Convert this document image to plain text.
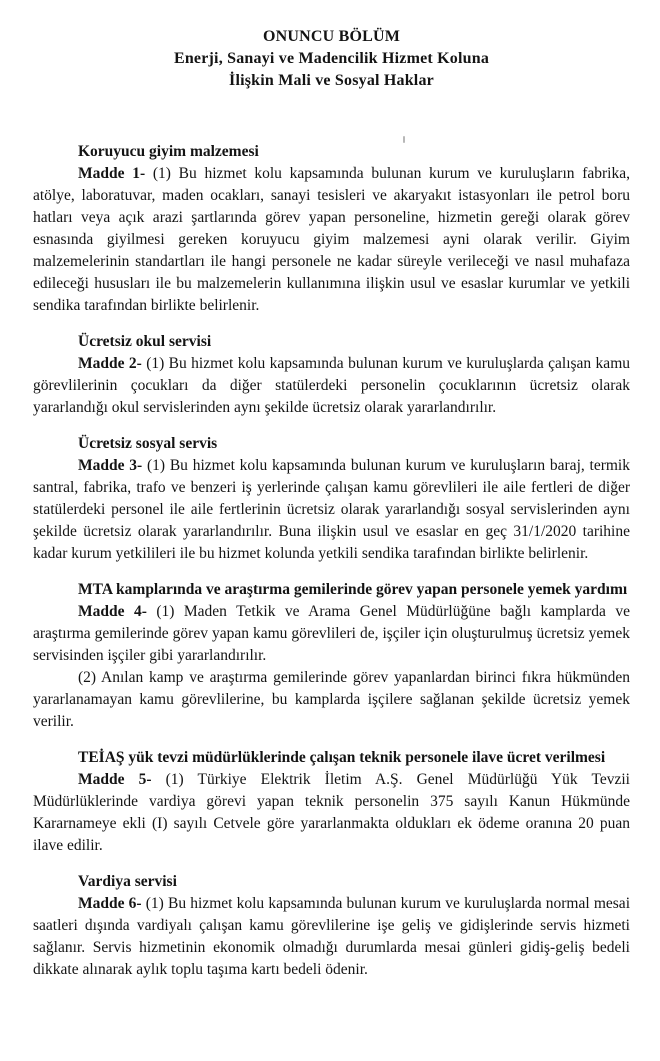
ONUNCU BÖLÜM
Enerji, Sanayi ve Madencilik Hizmet Koluna
İlişkin Mali ve Sosyal Haklar
Koruyucu giyim malzemesi

Madde 1- (1) Bu hizmet kolu kapsamında bulunan kurum ve kuruluşların fabrika, atölye, laboratuvar, maden ocakları, sanayi tesisleri ve akaryakıt istasyonları ile petrol boru hatları veya açık arazi şartlarında görev yapan personeline, hizmetin gereği olarak görev esnasında giyilmesi gereken koruyucu giyim malzemesi ayni olarak verilir. Giyim malzemelerinin standartları ile hangi personele ne kadar süreyle verileceği ve nasıl muhafaza edileceği hususları ile bu malzemelerin kullanımına ilişkin usul ve esaslar kurumlar ve yetkili sendika tarafından birlikte belirlenir.

Ücretsiz okul servisi

Madde 2- (1) Bu hizmet kolu kapsamında bulunan kurum ve kuruluşlarda çalışan kamu görevlilerinin çocukları da diğer statülerdeki personelin çocuklarının ücretsiz olarak yararlandığı okul servislerinden aynı şekilde ücretsiz olarak yararlandırılır.

Ücretsiz sosyal servis

Madde 3- (1) Bu hizmet kolu kapsamında bulunan kurum ve kuruluşların baraj, termik santral, fabrika, trafo ve benzeri iş yerlerinde çalışan kamu görevlileri ile aile fertleri de diğer statülerdeki personel ile aile fertlerinin ücretsiz olarak yararlandığı sosyal servislerinden aynı şekilde ücretsiz olarak yararlandırılır. Buna ilişkin usul ve esaslar en geç 31/1/2020 tarihine kadar kurum yetkilileri ile bu hizmet kolunda yetkili sendika tarafından birlikte belirlenir.

MTA kamplarında ve araştırma gemilerinde görev yapan personele yemek yardımı

Madde 4- (1) Maden Tetkik ve Arama Genel Müdürlüğüne bağlı kamplarda ve araştırma gemilerinde görev yapan kamu görevlileri de, işçiler için oluşturulmuş ücretsiz yemek servisinden işçiler gibi yararlandırılır.

(2) Anılan kamp ve araştırma gemilerinde görev yapanlardan birinci fıkra hükmünden yararlanamayan kamu görevlilerine, bu kamplarda işçilere sağlanan şekilde ücretsiz yemek verilir.

TEİAŞ yük tevzi müdürlüklerinde çalışan teknik personele ilave ücret verilmesi

Madde 5- (1) Türkiye Elektrik İletim A.Ş. Genel Müdürlüğü Yük Tevzii Müdürlüklerinde vardiya görevi yapan teknik personelin 375 sayılı Kanun Hükmünde Kararnameye ekli (I) sayılı Cetvele göre yararlanmakta oldukları ek ödeme oranına 20 puan ilave edilir.

Vardiya servisi

Madde 6- (1) Bu hizmet kolu kapsamında bulunan kurum ve kuruluşlarda normal mesai saatleri dışında vardiyalı çalışan kamu görevlilerine işe geliş ve gidişlerinde servis hizmeti sağlanır. Servis hizmetinin ekonomik olmadığı durumlarda mesai günleri gidiş-geliş bedeli dikkate alınarak aylık toplu taşıma kartı bedeli ödenir.
